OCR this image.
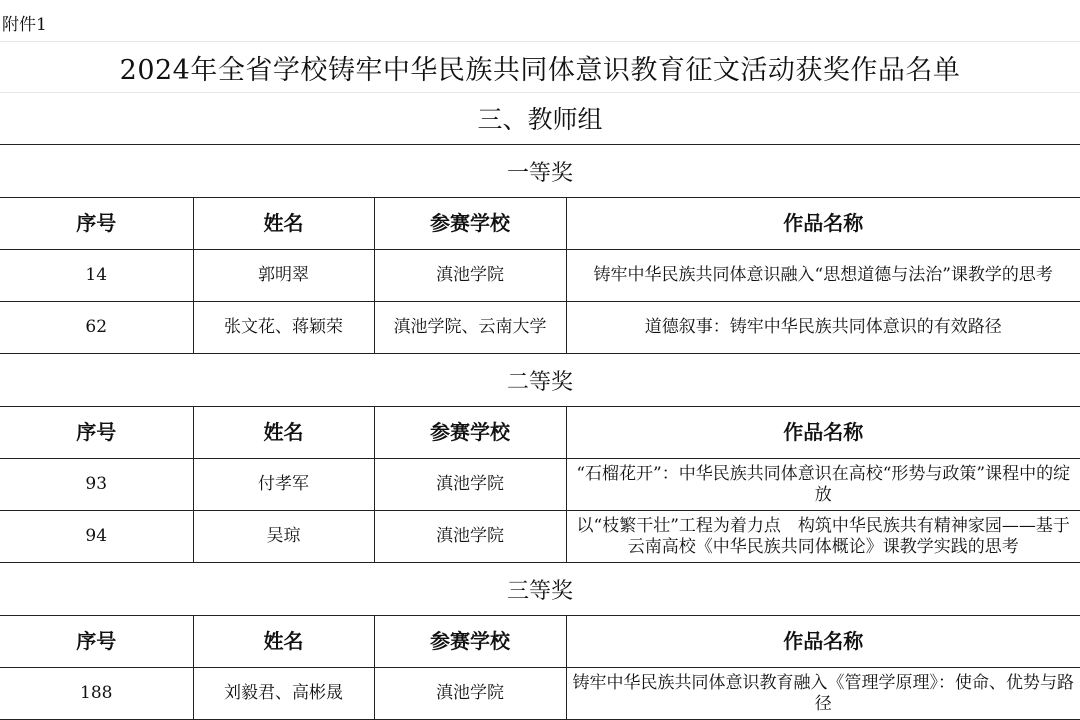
附件1
2024年全省学校铸牢中华民族共同体意识教育征文活动获奖作品名单
三、教师组
一等奖
序号	姓名	参赛学校	作品名称
14	郭明翠	滇池学院	铸牢中华民族共同体意识融入“思想道德与法治”课教学的思考
62	张文花、蒋颖荣	滇池学院、云南大学	道德叙事：铸牢中华民族共同体意识的有效路径
二等奖
序号	姓名	参赛学校	作品名称
93	付孝军	滇池学院	“石榴花开”：中华民族共同体意识在高校“形势与政策”课程中的绽放
94	吴琼	滇池学院	以“枝繁干壮”工程为着力点　构筑中华民族共有精神家园——基于云南高校《中华民族共同体概论》课教学实践的思考
三等奖
序号	姓名	参赛学校	作品名称
188	刘毅君、高彬晟	滇池学院	铸牢中华民族共同体意识教育融入《管理学原理》：使命、优势与路径
